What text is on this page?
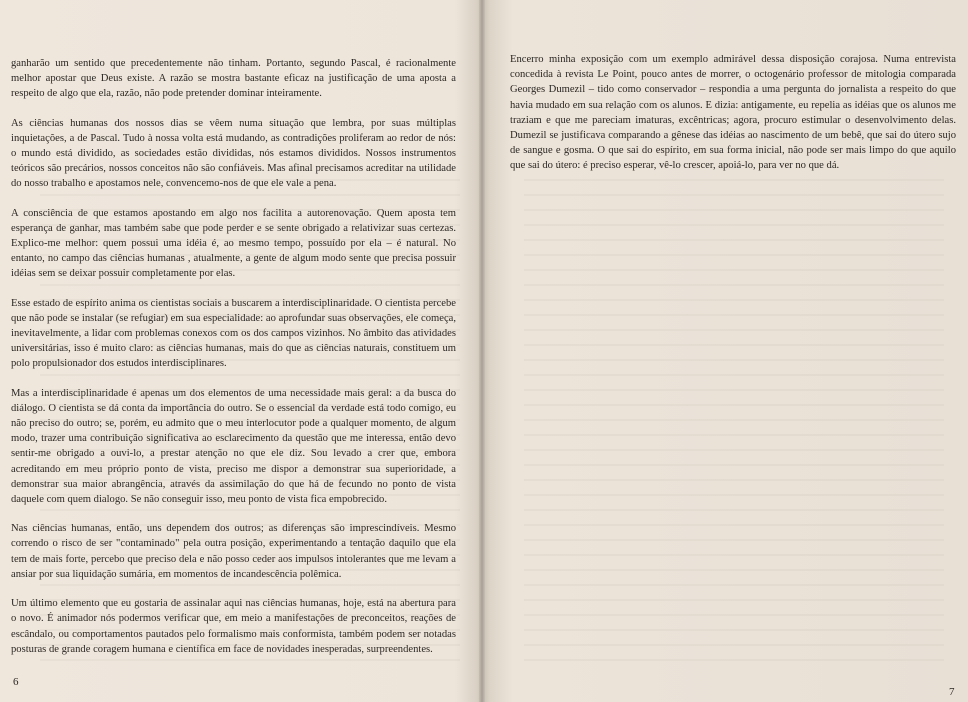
ganharão um sentido que precedentemente não tinham. Portanto, segundo Pascal, é racionalmente melhor apostar que Deus existe. A razão se mostra bastante eficaz na justificação de uma aposta a respeito de algo que ela, razão, não pode pretender dominar inteiramente.

As ciências humanas dos nossos dias se vêem numa situação que lembra, por suas múltiplas inquietações, a de Pascal. Tudo à nossa volta está mudando, as contradições proliferam ao redor de nós: o mundo está dividido, as sociedades estão divididas, nós estamos divididos. Nossos instrumentos teóricos são precários, nossos conceitos não são confiáveis. Mas afinal precisamos acreditar na utilidade do nosso trabalho e apostamos nele, convencemo-nos de que ele vale a pena.

A consciência de que estamos apostando em algo nos facilita a autorenovação. Quem aposta tem esperança de ganhar, mas também sabe que pode perder e se sente obrigado a relativizar suas certezas. Explico-me melhor: quem possui uma idéia é, ao mesmo tempo, possuído por ela – é natural. No entanto, no campo das ciências humanas , atualmente, a gente de algum modo sente que precisa possuir idéias sem se deixar possuir completamente por elas.

Esse estado de espírito anima os cientistas sociais a buscarem a interdisciplinaridade. O cientista percebe que não pode se instalar (se refugiar) em sua especialidade: ao aprofundar suas observações, ele começa, inevitavelmente, a lidar com problemas conexos com os dos campos vizinhos. No âmbito das atividades universitárias, isso é muito claro: as ciências humanas, mais do que as ciências naturais, constituem um polo propulsionador dos estudos interdisciplinares.

Mas a interdisciplinaridade é apenas um dos elementos de uma necessidade mais geral: a da busca do diálogo. O cientista se dá conta da importância do outro. Se o essencial da verdade está todo comigo, eu não preciso do outro; se, porém, eu admito que o meu interlocutor pode a qualquer momento, de algum modo, trazer uma contribuição significativa ao esclarecimento da questão que me interessa, então devo sentir-me obrigado a ouvi-lo, a prestar atenção no que ele diz. Sou levado a crer que, embora acreditando em meu próprio ponto de vista, preciso me dispor a demonstrar sua superioridade, a demonstrar sua maior abrangência, através da assimilação do que há de fecundo no ponto de vista daquele com quem dialogo. Se não conseguir isso, meu ponto de vista fica empobrecido.

Nas ciências humanas, então, uns dependem dos outros; as diferenças são imprescindíveis. Mesmo correndo o risco de ser "contaminado" pela outra posição, experimentando a tentação daquilo que ela tem de mais forte, percebo que preciso dela e não posso ceder aos impulsos intolerantes que me levam a ansiar por sua liquidação sumária, em momentos de incandescência polêmica.

Um último elemento que eu gostaria de assinalar aqui nas ciências humanas, hoje, está na abertura para o novo. É animador nós podermos verificar que, em meio a manifestações de preconceitos, reações de escândalo, ou comportamentos pautados pelo formalismo mais conformista, também podem ser notadas posturas de grande coragem humana e científica em face de novidades inesperadas, surpreendentes.

6

Encerro minha exposição com um exemplo admirável dessa disposição corajosa. Numa entrevista concedida à revista Le Point, pouco antes de morrer, o octogenário professor de mitologia comparada Georges Dumezil – tido como conservador – respondia a uma pergunta do jornalista a respeito do que havia mudado em sua relação com os alunos. E dizia: antigamente, eu repelia as idéias que os alunos me traziam e que me pareciam imaturas, excêntricas; agora, procuro estimular o desenvolvimento delas. Dumezil se justificava comparando a gênese das idéias ao nascimento de um bebê, que sai do útero sujo de sangue e gosma. O que sai do espírito, em sua forma inicial, não pode ser mais limpo do que aquilo que sai do útero: é preciso esperar, vê-lo crescer, apoiá-lo, para ver no que dá.

7
